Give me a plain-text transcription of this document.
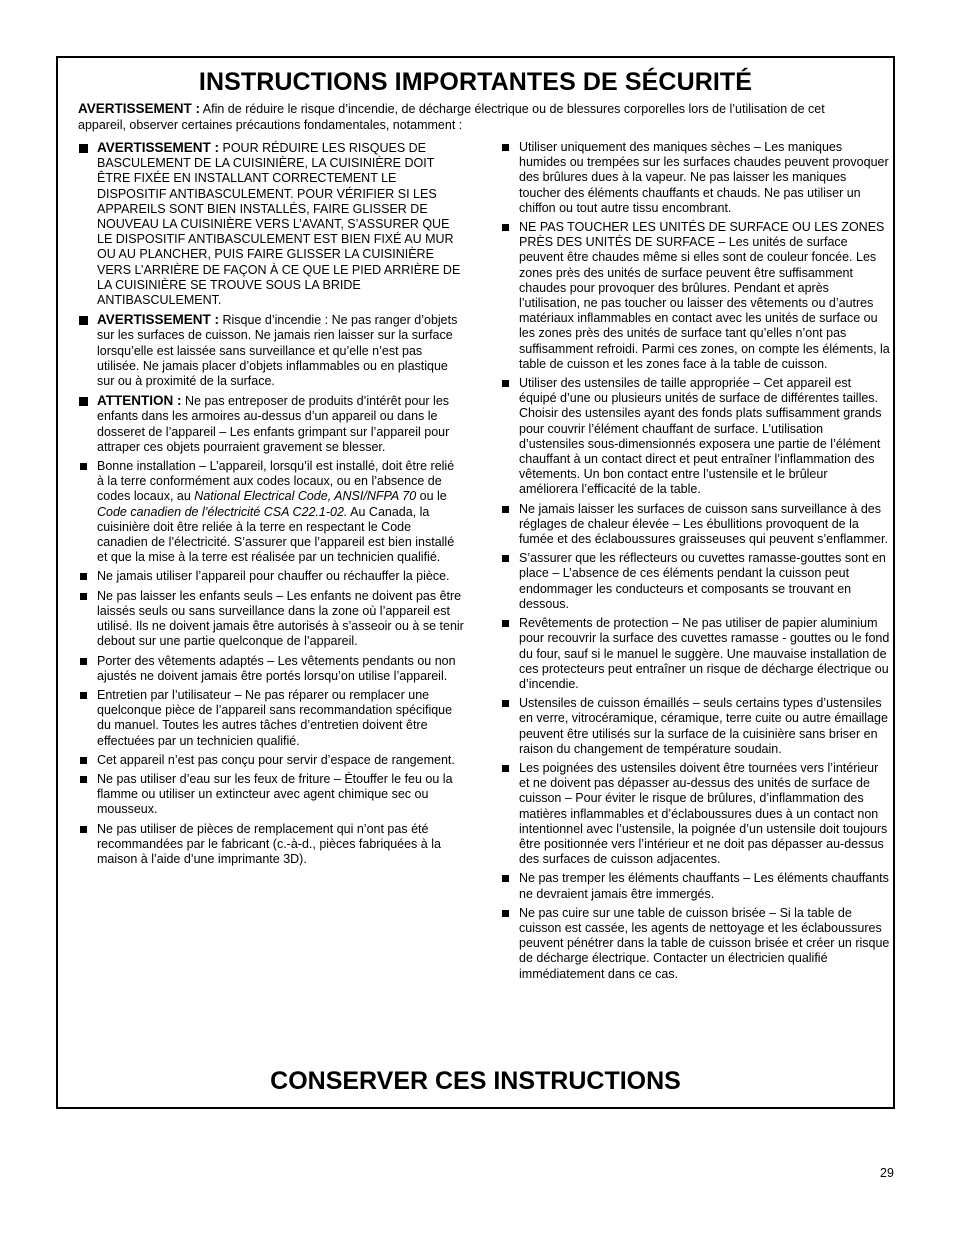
INSTRUCTIONS IMPORTANTES DE SÉCURITÉ
AVERTISSEMENT : Afin de réduire le risque d’incendie, de décharge électrique ou de blessures corporelles lors de l’utilisation de cet appareil, observer certaines précautions fondamentales, notamment :
AVERTISSEMENT : POUR RÉDUIRE LES RISQUES DE BASCULEMENT DE LA CUISINIÈRE, LA CUISINIÈRE DOIT ÊTRE FIXÉE EN INSTALLANT CORRECTEMENT LE DISPOSITIF ANTIBASCULEMENT. POUR VÉRIFIER SI LES APPAREILS SONT BIEN INSTALLÉS, FAIRE GLISSER DE NOUVEAU LA CUISINIÈRE VERS L’AVANT, S’ASSURER QUE LE DISPOSITIF ANTIBASCULEMENT EST BIEN FIXÉ AU MUR OU AU PLANCHER, PUIS FAIRE GLISSER LA CUISINIÈRE VERS L’ARRIÈRE DE FAÇON À CE QUE LE PIED ARRIÈRE DE LA CUISINIÈRE SE TROUVE SOUS LA BRIDE ANTIBASCULEMENT.
AVERTISSEMENT : Risque d’incendie : Ne pas ranger d’objets sur les surfaces de cuisson. Ne jamais rien laisser sur la surface lorsqu’elle est laissée sans surveillance et qu’elle n’est pas utilisée. Ne jamais placer d’objets inflammables ou en plastique sur ou à proximité de la surface.
ATTENTION : Ne pas entreposer de produits d’intérêt pour les enfants dans les armoires au-dessus d’un appareil ou dans le dosseret de l’appareil – Les enfants grimpant sur l’appareil pour attraper ces objets pourraient gravement se blesser.
Bonne installation – L’appareil, lorsqu’il est installé, doit être relié à la terre conformément aux codes locaux, ou en l’absence de codes locaux, au National Electrical Code, ANSI/NFPA 70 ou le Code canadien de l’électricité CSA C22.1-02. Au Canada, la cuisinière doit être reliée à la terre en respectant le Code canadien de l’électricité. S’assurer que l’appareil est bien installé et que la mise à la terre est réalisée par un technicien qualifié.
Ne jamais utiliser l’appareil pour chauffer ou réchauffer la pièce.
Ne pas laisser les enfants seuls – Les enfants ne doivent pas être laissés seuls ou sans surveillance dans la zone où l’appareil est utilisé. Ils ne doivent jamais être autorisés à s’asseoir ou à se tenir debout sur une partie quelconque de l’appareil.
Porter des vêtements adaptés – Les vêtements pendants ou non ajustés ne doivent jamais être portés lorsqu’on utilise l’appareil.
Entretien par l’utilisateur – Ne pas réparer ou remplacer une quelconque pièce de l’appareil sans recommandation spécifique du manuel. Toutes les autres tâches d’entretien doivent être effectuées par un technicien qualifié.
Cet appareil n’est pas conçu pour servir d’espace de rangement.
Ne pas utiliser d’eau sur les feux de friture – Étouffer le feu ou la flamme ou utiliser un extincteur avec agent chimique sec ou mousseux.
Ne pas utiliser de pièces de remplacement qui n’ont pas été recommandées par le fabricant (c.-à-d., pièces fabriquées à la maison à l’aide d’une imprimante 3D).
Utiliser uniquement des maniques sèches – Les maniques humides ou trempées sur les surfaces chaudes peuvent provoquer des brûlures dues à la vapeur. Ne pas laisser les maniques toucher des éléments chauffants et chauds. Ne pas utiliser un chiffon ou tout autre tissu encombrant.
NE PAS TOUCHER LES UNITÉS DE SURFACE OU LES ZONES PRÈS DES UNITÉS DE SURFACE – Les unités de surface peuvent être chaudes même si elles sont de couleur foncée. Les zones près des unités de surface peuvent être suffisamment chaudes pour provoquer des brûlures. Pendant et après l’utilisation, ne pas toucher ou laisser des vêtements ou d’autres matériaux inflammables en contact avec les unités de surface ou les zones près des unités de surface tant qu’elles n’ont pas suffisamment refroidi. Parmi ces zones, on compte les éléments, la table de cuisson et les zones face à la table de cuisson.
Utiliser des ustensiles de taille appropriée – Cet appareil est équipé d’une ou plusieurs unités de surface de différentes tailles. Choisir des ustensiles ayant des fonds plats suffisamment grands pour couvrir l’élément chauffant de surface. L’utilisation d’ustensiles sous-dimensionnés exposera une partie de l’élément chauffant à un contact direct et peut entraîner l’inflammation des vêtements. Un bon contact entre l’ustensile et le brûleur améliorera l’efficacité de la table.
Ne jamais laisser les surfaces de cuisson sans surveillance à des réglages de chaleur élevée – Les ébullitions provoquent de la fumée et des éclaboussures graisseuses qui peuvent s’enflammer.
S’assurer que les réflecteurs ou cuvettes ramasse-gouttes sont en place – L’absence de ces éléments pendant la cuisson peut endommager les conducteurs et composants se trouvant en dessous.
Revêtements de protection – Ne pas utiliser de papier aluminium pour recouvrir la surface des cuvettes ramasse - gouttes ou le fond du four, sauf si le manuel le suggère. Une mauvaise installation de ces protecteurs peut entraîner un risque de décharge électrique ou d’incendie.
Ustensiles de cuisson émaillés – seuls certains types d’ustensiles en verre, vitrocéramique, céramique, terre cuite ou autre émaillage peuvent être utilisés sur la surface de la cuisinière sans briser en raison du changement de température soudain.
Les poignées des ustensiles doivent être tournées vers l’intérieur et ne doivent pas dépasser au-dessus des unités de surface de cuisson – Pour éviter le risque de brûlures, d’inflammation des matières inflammables et d’éclaboussures dues à un contact non intentionnel avec l’ustensile, la poignée d’un ustensile doit toujours être positionnée vers l’intérieur et ne doit pas dépasser au-dessus des surfaces de cuisson adjacentes.
Ne pas tremper les éléments chauffants – Les éléments chauffants ne devraient jamais être immergés.
Ne pas cuire sur une table de cuisson brisée – Si la table de cuisson est cassée, les agents de nettoyage et les éclaboussures peuvent pénétrer dans la table de cuisson brisée et créer un risque de décharge électrique. Contacter un électricien qualifié immédiatement dans ce cas.
CONSERVER CES INSTRUCTIONS
29
